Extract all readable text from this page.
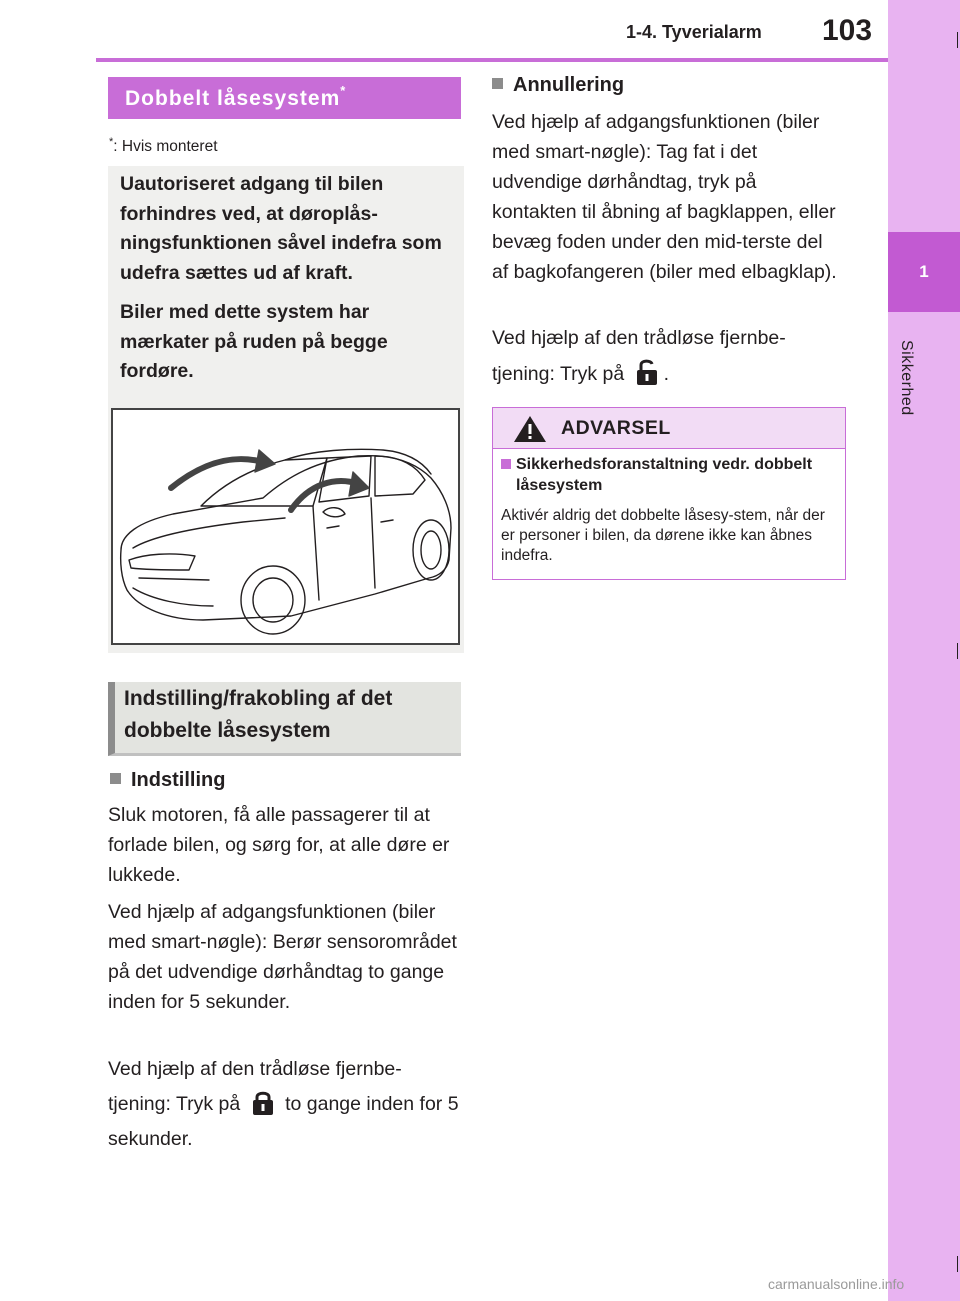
1-4. Tyverialarm 103
1
Sikkerhed
Dobbelt låsesystem*
*: Hvis monteret
Uautoriseret adgang til bilen forhindres ved, at døroplås-ningsfunktionen såvel indefra som udefra sættes ud af kraft.
Biler med dette system har mærkater på ruden på begge fordøre.
Indstilling/frakobling af det dobbelte låsesystem
Indstilling
Sluk motoren, få alle passagerer til at forlade bilen, og sørg for, at alle døre er lukkede.
Ved hjælp af adgangsfunktionen (biler med smart-nøgle): Berør sensorområdet på det udvendige dørhåndtag to gange inden for 5 sekunder.
Ved hjælp af den trådløse fjernbe-tjening: Tryk på to gange inden for 5 sekunder.
Annullering
Ved hjælp af adgangsfunktionen (biler med smart-nøgle): Tag fat i det udvendige dørhåndtag, tryk på kontakten til åbning af bagklappen, eller bevæg foden under den mid-terste del af bagkofangeren (biler med elbagklap).
Ved hjælp af den trådløse fjernbe-tjening: Tryk på .
ADVARSEL
Sikkerhedsforanstaltning vedr. dobbelt låsesystem
Aktivér aldrig det dobbelte låsesy-stem, når der er personer i bilen, da dørene ikke kan åbnes indefra.
carmanualsonline.info
